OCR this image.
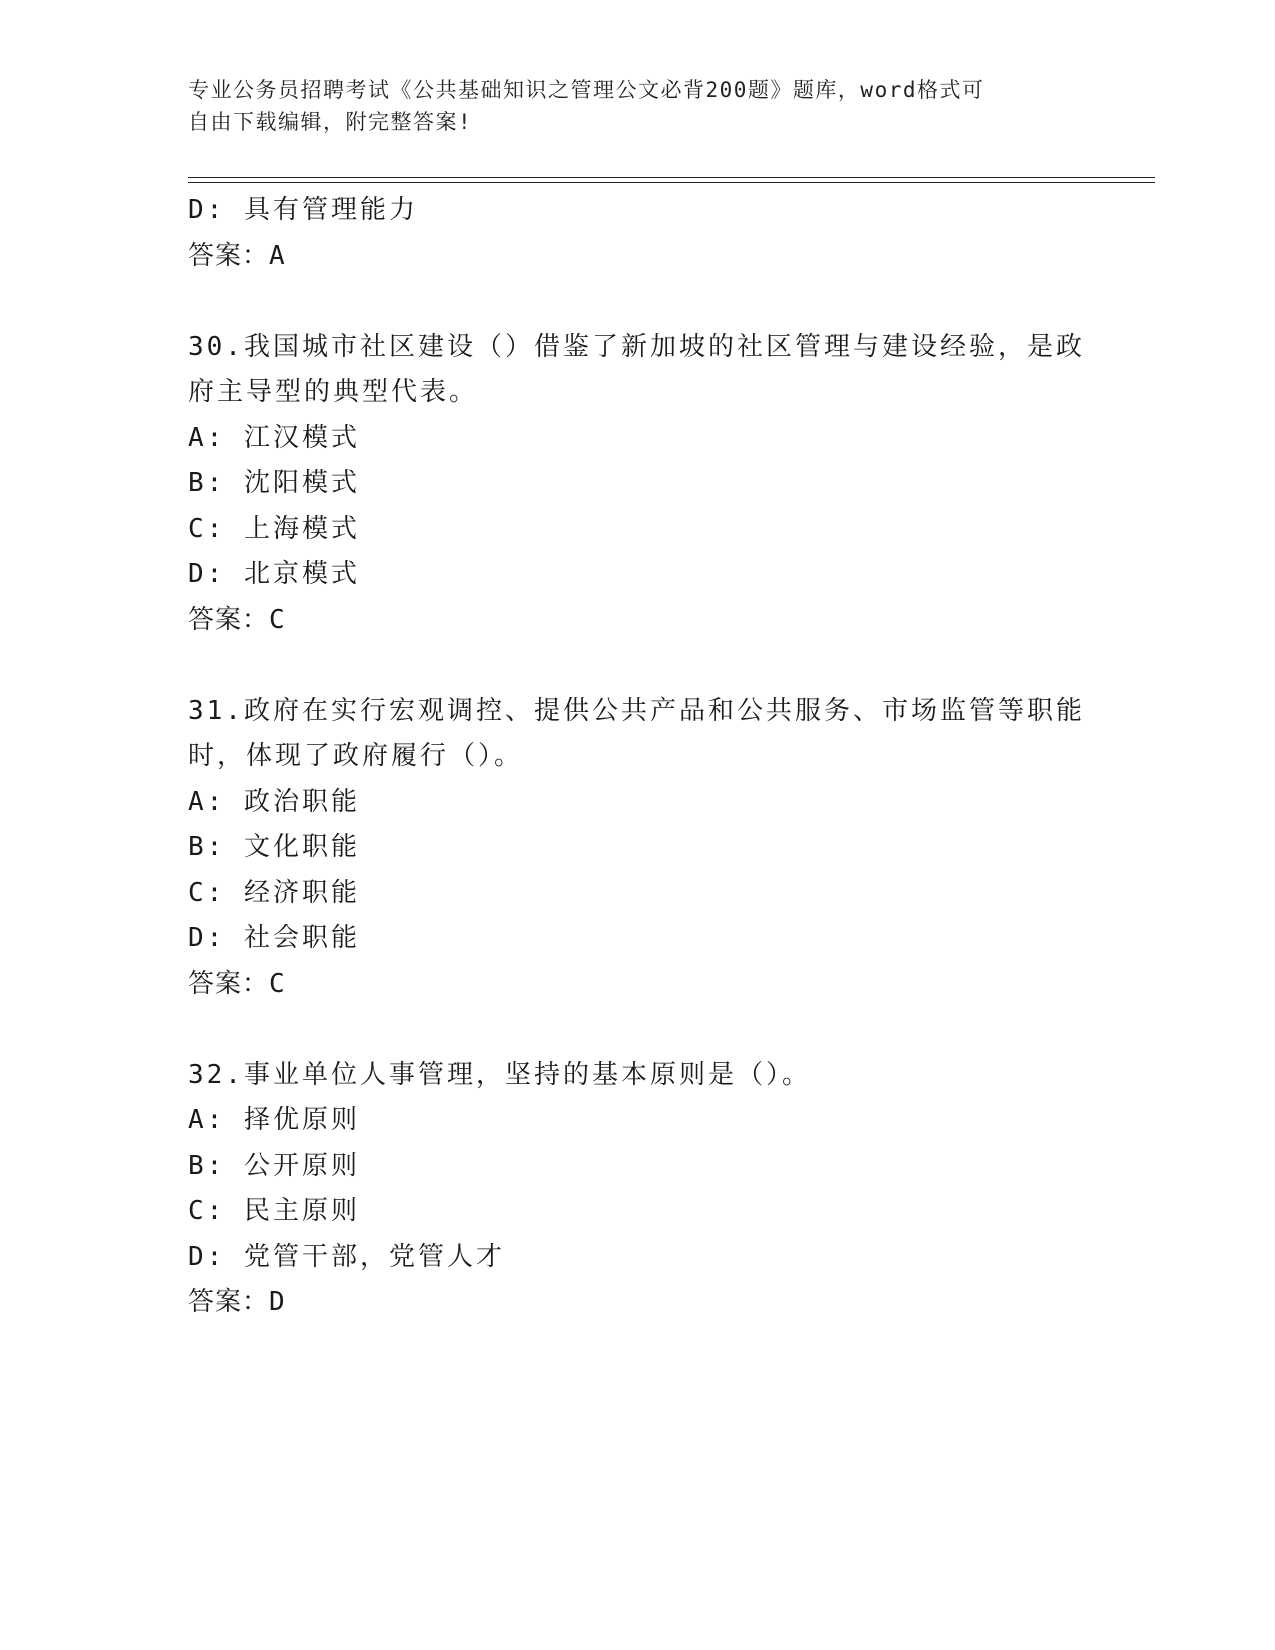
专业公务员招聘考试《公共基础知识之管理公文必背200题》题库，word格式可
自由下载编辑，附完整答案!
D: 具有管理能力
答案：A
30.我国城市社区建设（）借鉴了新加坡的社区管理与建设经验，是政
府主导型的典型代表。
A: 江汉模式
B: 沈阳模式
C: 上海模式
D: 北京模式
答案：C
31.政府在实行宏观调控、提供公共产品和公共服务、市场监管等职能
时，体现了政府履行（）。
A: 政治职能
B: 文化职能
C: 经济职能
D: 社会职能
答案：C
32.事业单位人事管理，坚持的基本原则是（）。
A: 择优原则
B: 公开原则
C: 民主原则
D: 党管干部，党管人才
答案：D
